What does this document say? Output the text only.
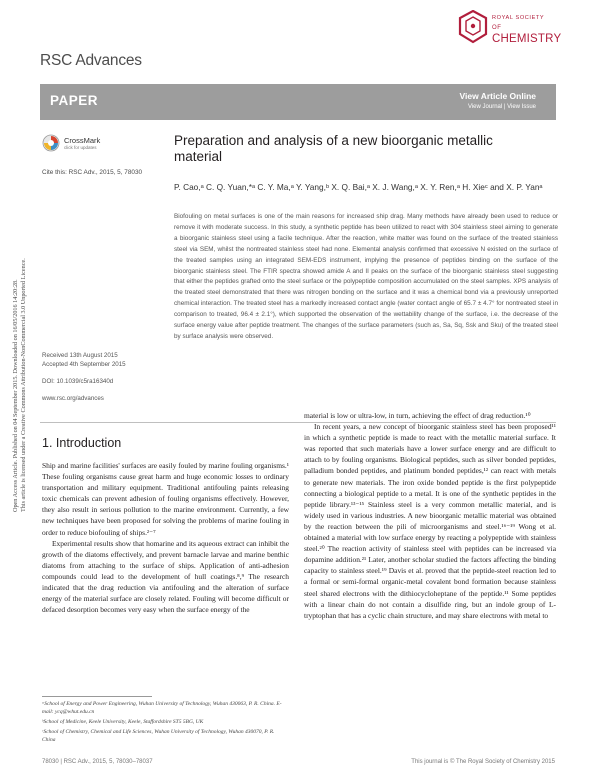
Open Access Article. Published on 04 September 2015. Downloaded on 16/05/2016 14:20:28.
This article is licensed under a Creative Commons Attribution-NonCommercial 3.0 Unported Licence.
RSC Advances
ROYAL SOCIETY
OF
CHEMISTRY
PAPER	View Article Online
View Journal | View Issue
CrossMark
click for updates
Cite this: RSC Adv., 2015, 5, 78030
Preparation and analysis of a new bioorganic metallic material
P. Cao,ᵃ C. Q. Yuan,*ᵃ C. Y. Ma,ᵃ Y. Yang,ᵇ X. Q. Bai,ᵃ X. J. Wang,ᵃ X. Y. Ren,ᵃ H. Xieᶜ and X. P. Yanᵃ

Biofouling on metal surfaces is one of the main reasons for increased ship drag. Many methods have already been used to reduce or remove it with moderate success. In this study, a synthetic peptide has been utilized to react with 304 stainless steel aiming to generate a bioorganic stainless steel using a facile technique. After the reaction, white matter was found on the surface of the treated stainless steel via SEM, whilst the nontreated stainless steel had none. Elemental analysis confirmed that excessive N existed on the surface of the treated samples using an integrated SEM-EDS instrument, implying the presence of peptides binding on the surface of the bioorganic stainless steel. The FTIR spectra showed amide A and II peaks on the surface of the bioorganic stainless steel suggesting that either the peptides grafted onto the steel surface or the polypeptide composition accumulated on the steel samples. XPS analysis of the treated steel demonstrated that there was nitrogen bonding on the surface and it was a chemical bond via a previously unreported chemical interaction. The treated steel has a markedly increased contact angle (water contact angle of 65.7 ± 4.7° for nontreated steel in comparison to treated, 96.4 ± 2.1°), which supported the observation of the wettability change of the surface, i.e. the decrease of the surface energy value after peptide treatment. The changes of the surface parameters (such as, Sa, Sq, Ssk and Sku) of the treated steel by surface analysis were observed.

Received 13th August 2015
Accepted 4th September 2015
DOI: 10.1039/c5ra16340d
www.rsc.org/advances
1. Introduction

Ship and marine facilities' surfaces are easily fouled by marine fouling organisms.¹ These fouling organisms cause great harm and huge economic losses to ordinary transportation and military equipment. Traditional antifouling paints releasing toxic chemicals can prevent adhesion of fouling organisms effectively. However, they also result in serious pollution to the marine environment. Currently, a few new techniques have been proposed for solving the problems of marine fouling in order to reduce biofouling of ships.²⁻⁷

Experimental results show that homarine and its aqueous extract can inhibit the growth of the diatoms effectively, and prevent barnacle larvae and marine benthic diatoms from attaching to the surface of ships. Application of anti-adhesion compounds could lead to the development of hull coatings.⁸,⁹ The research indicated that the drag reduction via antifouling and the alteration of surface energy of the material surface are closely related. Fouling will become difficult or defaced desorption becomes very easy when the surface energy of the

material is low or ultra-low, in turn, achieving the effect of drag reduction.¹⁰

In recent years, a new concept of bioorganic stainless steel has been proposed¹¹ in which a synthetic peptide is made to react with the metallic material surface. It was reported that such materials have a lower surface energy and are difficult to attach to by fouling organisms. Biological peptides, such as silver bonded peptides, palladium bonded peptides, and platinum bonded peptides,¹² can react with metals to generate new materials. The iron oxide bonded peptide is the first polypeptide connecting a biological peptide to a metal. It is one of the synthetic peptides in the peptide library.¹³⁻¹⁵ Stainless steel is a very common metallic material, and is widely used in various industries. A new bioorganic metallic material was obtained by the reaction between the pili of microorganisms and steel.¹⁶⁻¹⁹ Wong et al. obtained a material with low surface energy by reacting a polypeptide with stainless steel.²⁰ The reaction activity of stainless steel with peptides can be increased via dopamine addition.²¹ Later, another scholar studied the factors affecting the binding capacity to stainless steel.¹⁹ Davis et al. proved that the peptide-steel reaction led to a formal or semi-formal organic-metal covalent bond formation because stainless steel shared electrons with the dithiocycloheptane of the peptide.¹¹ Some peptides with a linear chain do not contain a disulfide ring, but an indole group of L-tryptophan that has a cyclic chain structure, and may share electrons with metal to

ᵃSchool of Energy and Power Engineering, Wuhan University of Technology, Wuhan 430063, P. R. China. E-mail: ycq@whut.edu.cn

ᵇSchool of Medicine, Keele University, Keele, Staffordshire ST5 5BG, UK

ᶜSchool of Chemistry, Chemical and Life Sciences, Wuhan University of Technology, Wuhan 430070, P. R. China

78030 | RSC Adv., 2015, 5, 78030–78037	This journal is © The Royal Society of Chemistry 2015
